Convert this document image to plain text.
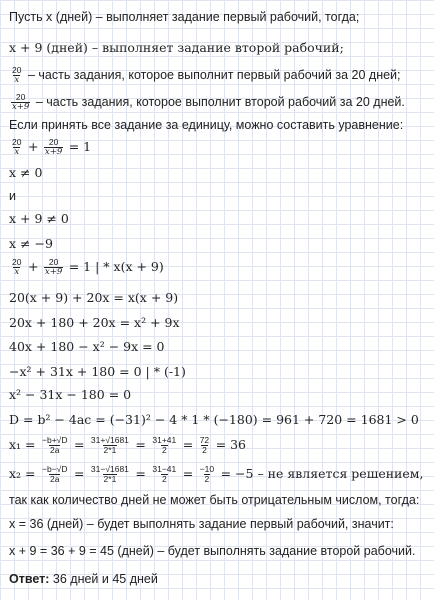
Пусть x (дней) – выполняет задание первый рабочий, тогда;
x + 9 (дней) – выполняет задание второй рабочий;
$\frac{20}{x}$ – часть задания, которое выполнит первый рабочий за 20 дней;
$\frac{20}{x+9}$ – часть задания, которое выполнит второй рабочий за 20 дней.
Если принять все задание за единицу, можно составить уравнение:
$\frac{20}{x} + \frac{20}{x+9} = 1$
x ≠ 0
и
x + 9 ≠ 0
x ≠ −9
$\frac{20}{x} + \frac{20}{x+9} = 1$ | * x(x + 9)
20(x + 9) + 20x = x(x + 9)
20x + 180 + 20x = x² + 9x
40x + 180 − x² − 9x = 0
−x² + 31x + 180 = 0 | * (-1)
x² − 31x − 180 = 0
D = b² − 4ac = (−31)² − 4 * 1 * (−180) = 961 + 720 = 1681 > 0
$x_1 = \frac{-b+√D}{2a} = \frac{31+√1681}{2*1} = \frac{31+41}{2} = \frac{72}{2} = 36$
$x_2 = \frac{-b-√D}{2a} = \frac{31-√1681}{2*1} = \frac{31-41}{2} = \frac{-10}{2} = -5$ – не является решением,
так как количество дней не может быть отрицательным числом, тогда:
x = 36 (дней) – будет выполнять задание первый рабочий, значит:
x + 9 = 36 + 9 = 45 (дней) – будет выполнять задание второй рабочий.
Ответ: 36 дней и 45 дней
